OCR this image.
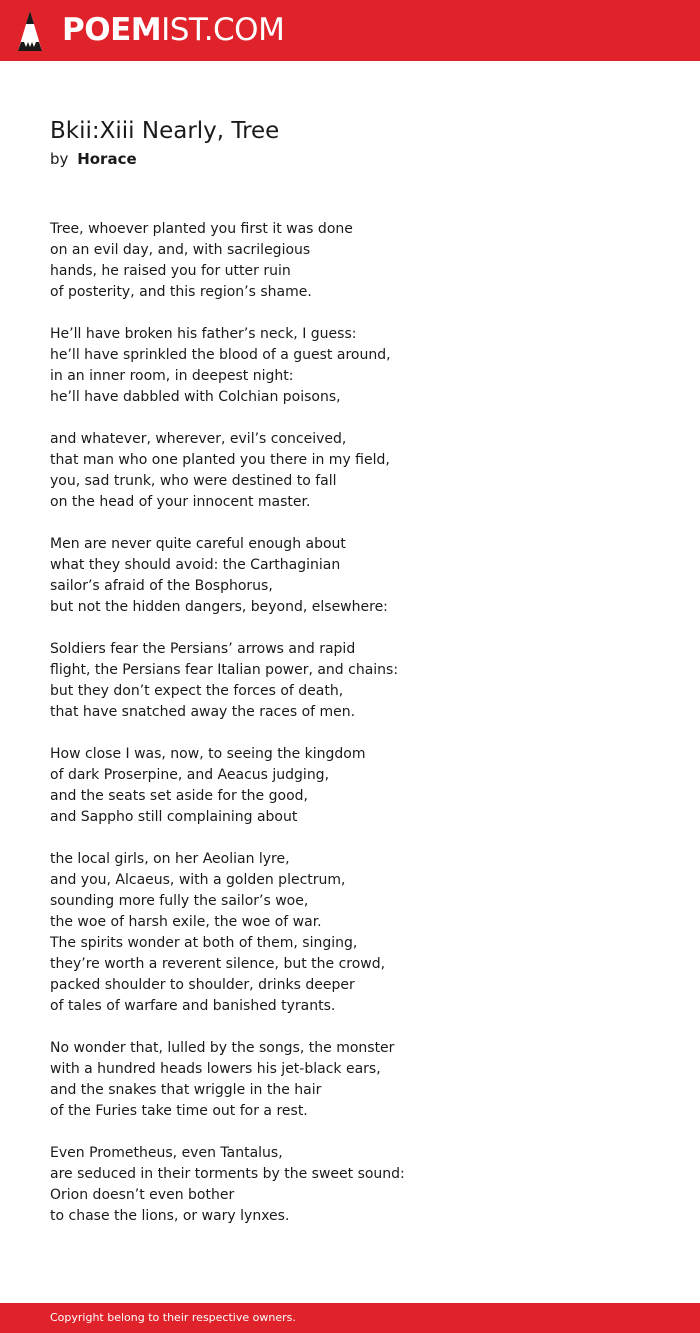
POEMIST.COM
Bkii:Xiii Nearly, Tree
by Horace
Tree, whoever planted you first it was done
on an evil day, and, with sacrilegious
hands, he raised you for utter ruin
of posterity, and this region’s shame.
He’ll have broken his father’s neck, I guess:
he’ll have sprinkled the blood of a guest around,
in an inner room, in deepest night:
he’ll have dabbled with Colchian poisons,
and whatever, wherever, evil’s conceived,
that man who one planted you there in my field,
you, sad trunk, who were destined to fall
on the head of your innocent master.
Men are never quite careful enough about
what they should avoid: the Carthaginian
sailor’s afraid of the Bosphorus,
but not the hidden dangers, beyond, elsewhere:
Soldiers fear the Persians’ arrows and rapid
flight, the Persians fear Italian power, and chains:
but they don’t expect the forces of death,
that have snatched away the races of men.
How close I was, now, to seeing the kingdom
of dark Proserpine, and Aeacus judging,
and the seats set aside for the good,
and Sappho still complaining about
the local girls, on her Aeolian lyre,
and you, Alcaeus, with a golden plectrum,
sounding more fully the sailor’s woe,
the woe of harsh exile, the woe of war.
The spirits wonder at both of them, singing,
they’re worth a reverent silence, but the crowd,
packed shoulder to shoulder, drinks deeper
of tales of warfare and banished tyrants.
No wonder that, lulled by the songs, the monster
with a hundred heads lowers his jet-black ears,
and the snakes that wriggle in the hair
of the Furies take time out for a rest.
Even Prometheus, even Tantalus,
are seduced in their torments by the sweet sound:
Orion doesn’t even bother
to chase the lions, or wary lynxes.
Copyright belong to their respective owners.
